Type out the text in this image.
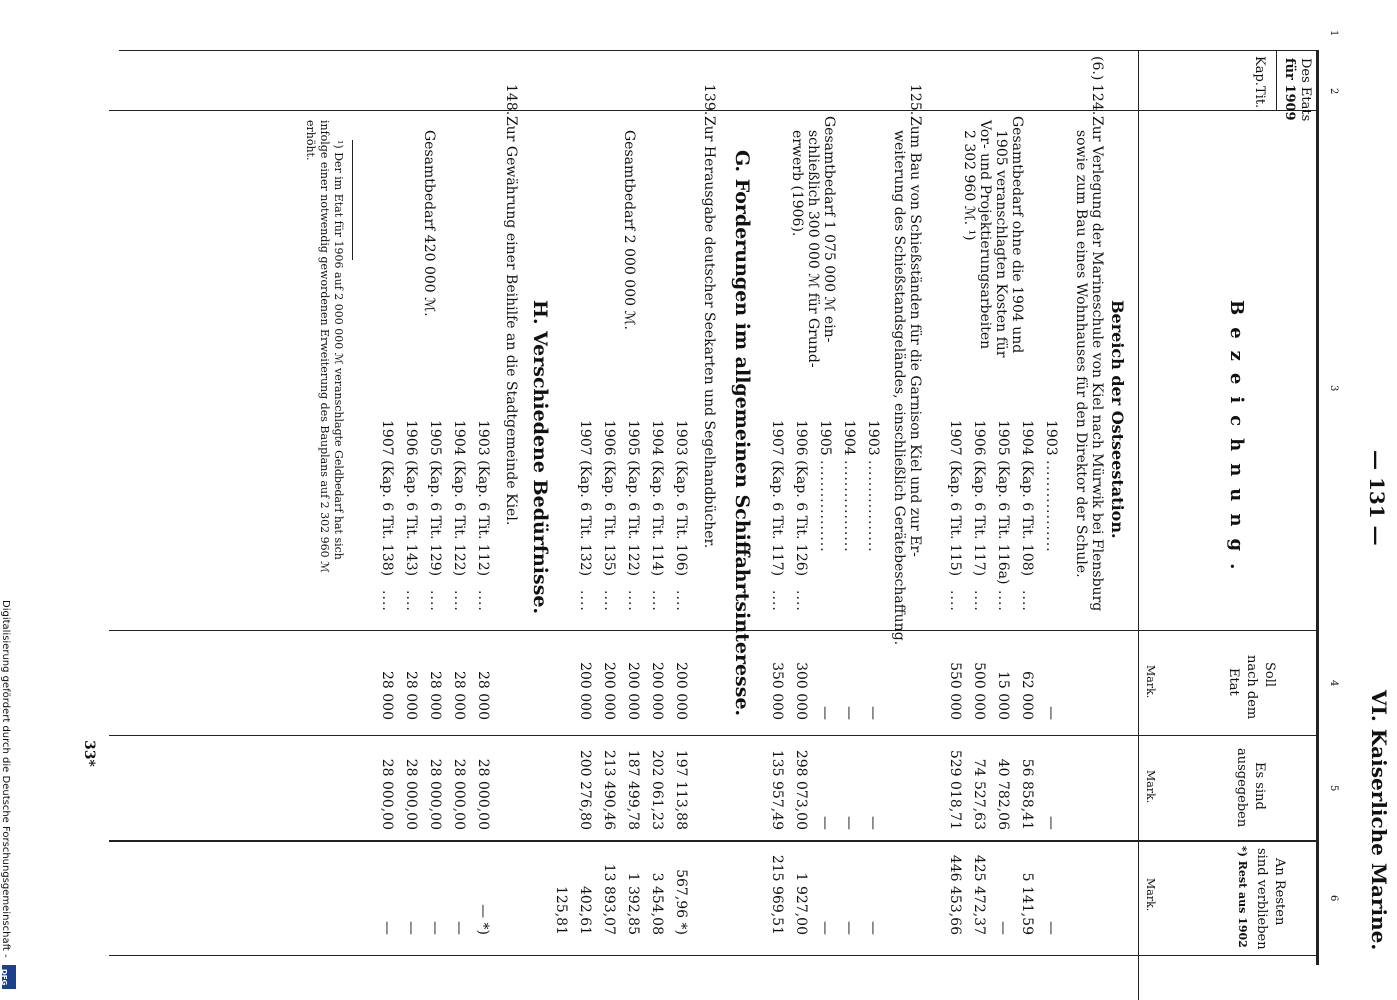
Digitalisierung gefördert durch die Deutsche Forschungsgemeinschaft -
DFG
— 131 —
VI. Kaiserliche Marine.
1
2
3
4
5
6
Des Etats
für 1909
Kap.
Tit.
Bezeichnung.
Soll
nach dem
Etat
Mark.
Es sind
ausgegeben
Mark.
An Resten
sind verblieben
*) Rest aus 1902
Mark.
Bereich der Ostseestation.
(6.)
124.
Zur Verlegung der Marineschule von Kiel nach Mürwik bei Flensburg
sowie zum Bau eines Wohnhauses für den Direktor der Schule.
Gesamtbedarf ohne die 1904 und
1905 veranschlagten Kosten für
Vor- und Projektierungsarbeiten
2 302 960 ℳ. ¹)
1903
.................
—
—
—
1904 (Kap. 6 Tit. 108)
....
62 000
56 858,41
5 141,59
1905 (Kap. 6 Tit. 116a)
....
15 000
40 782,06
—
1906 (Kap. 6 Tit. 117)
....
500 000
74 527,63
425 472,37
1907 (Kap. 6 Tit. 115)
....
550 000
529 018,71
446 453,66
125.
Zum Bau von Schießständen für die Garnison Kiel und zur Er-
weiterung des Schießstandsgeländes, einschließlich Gerätebeschaffung.
Gesamtbedarf 1 075 000 ℳ ein-
schließlich 300 000 ℳ für Grund-
erwerb (1906).
1903
.................
—
—
—
1904
.................
—
—
—
1905
.................
—
—
—
1906 (Kap. 6 Tit. 126)
....
300 000
298 073,00
1 927,00
1907 (Kap. 6 Tit. 117)
....
350 000
135 957,49
215 969,51
G. Forderungen im allgemeinen Schiffahrtsinteresse.
139.
Zur Herausgabe deutscher Seekarten und Segelhandbücher.
Gesamtbedarf 2 000 000 ℳ.
1903 (Kap. 6 Tit. 106)
....
200 000
197 113,88
567,96 *)
1904 (Kap. 6 Tit. 114)
....
200 000
202 061,23
3 454,08
1905 (Kap. 6 Tit. 122)
....
200 000
187 499,78
1 392,85
1906 (Kap. 6 Tit. 135)
....
200 000
213 490,46
13 893,07
1907 (Kap. 6 Tit. 132)
....
200 000
200 276,80
402,61
125,81
H. Verschiedene Bedürfnisse.
148.
Zur Gewährung einer Beihilfe an die Stadtgemeinde Kiel.
Gesamtbedarf 420 000 ℳ.
1903 (Kap. 6 Tit. 112)
....
28 000
28 000,00
— *)
1904 (Kap. 6 Tit. 122)
....
28 000
28 000,00
—
1905 (Kap. 6 Tit. 129)
....
28 000
28 000,00
—
1906 (Kap. 6 Tit. 143)
....
28 000
28 000,00
—
1907 (Kap. 6 Tit. 138)
....
28 000
28 000,00
—
¹) Der im Etat für 1906 auf 2 000 000 ℳ veranschlagte Geldbedarf hat sich
infolge einer notwendig gewordenen Erweiterung des Bauplans auf 2 302 960 ℳ
erhöht.
33*
